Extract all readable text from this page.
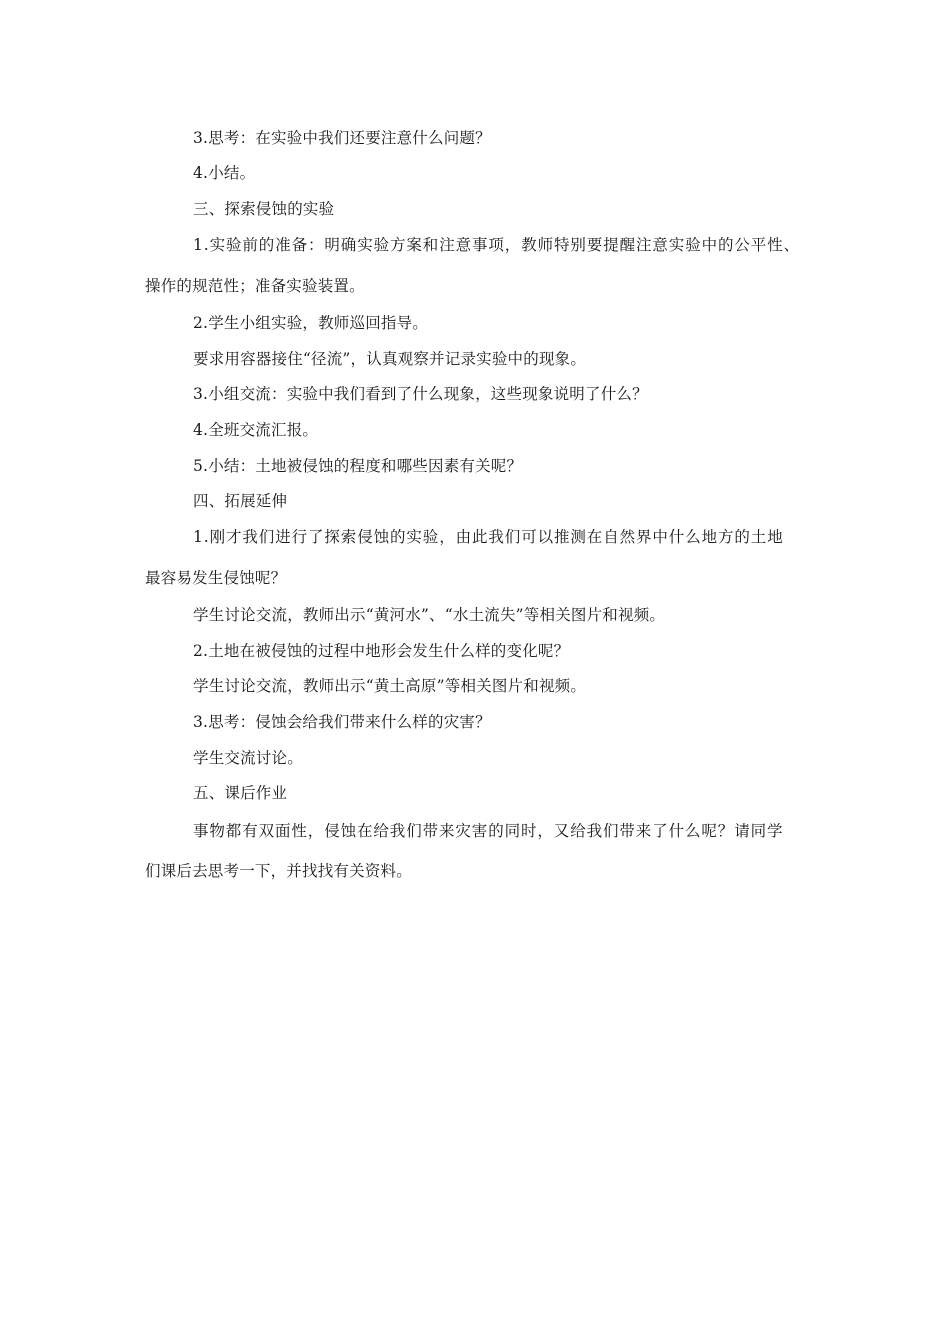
3.思考：在实验中我们还要注意什么问题？
4.小结。
三、探索侵蚀的实验
1.实验前的准备：明确实验方案和注意事项，教师特别要提醒注意实验中的公平性、
操作的规范性；准备实验装置。
2.学生小组实验，教师巡回指导。
要求用容器接住“径流”，认真观察并记录实验中的现象。
3.小组交流：实验中我们看到了什么现象，这些现象说明了什么？
4.全班交流汇报。
5.小结：土地被侵蚀的程度和哪些因素有关呢？
四、拓展延伸
1.刚才我们进行了探索侵蚀的实验，由此我们可以推测在自然界中什么地方的土地
最容易发生侵蚀呢？
学生讨论交流，教师出示“黄河水”、“水土流失”等相关图片和视频。
2.土地在被侵蚀的过程中地形会发生什么样的变化呢？
学生讨论交流，教师出示“黄土高原”等相关图片和视频。
3.思考：侵蚀会给我们带来什么样的灾害？
学生交流讨论。
五、课后作业
事物都有双面性，侵蚀在给我们带来灾害的同时，又给我们带来了什么呢？请同学
们课后去思考一下，并找找有关资料。
